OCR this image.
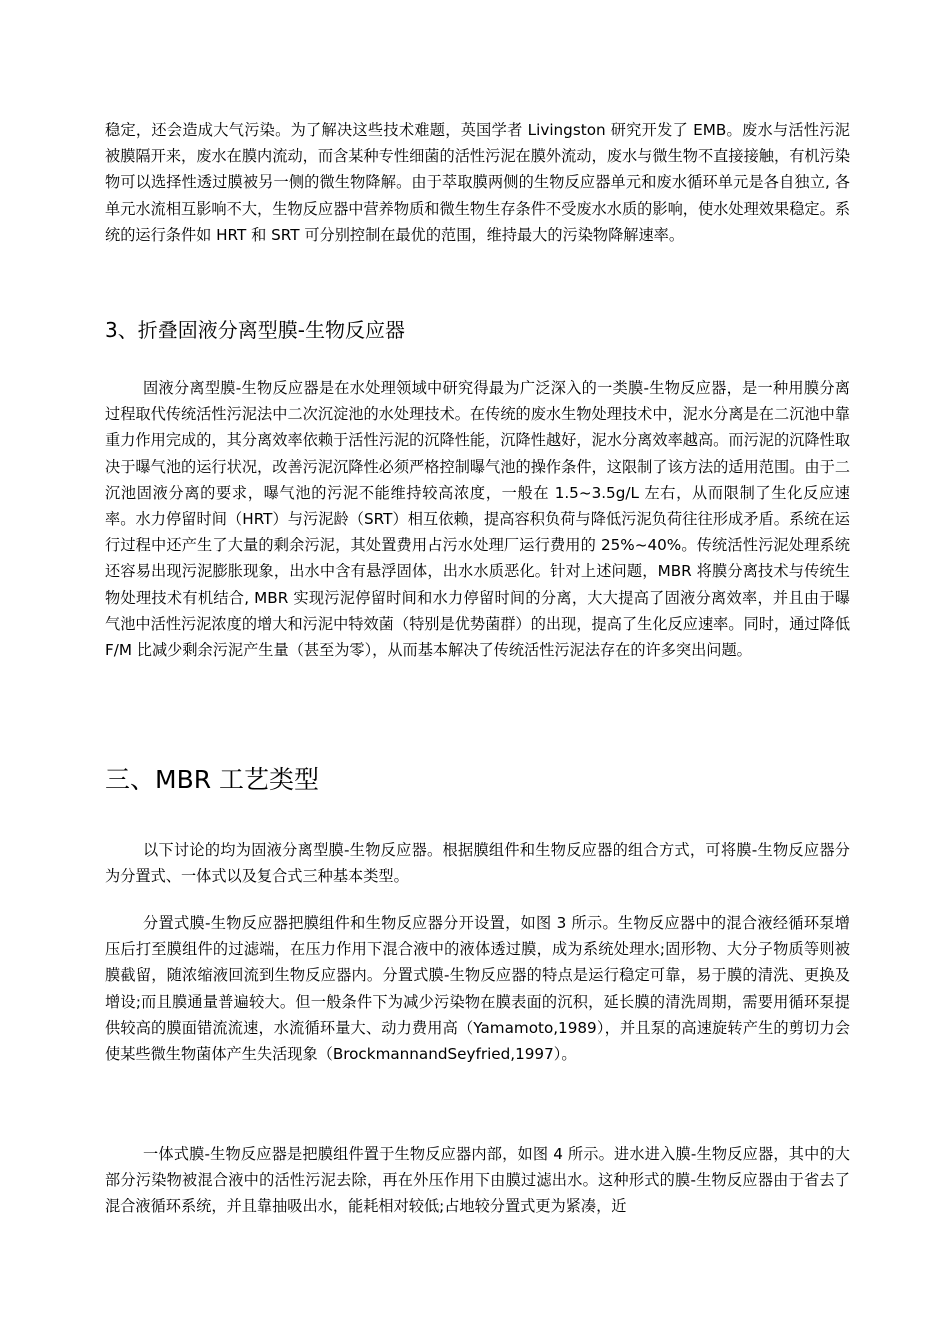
稳定，还会造成大气污染。为了解决这些技术难题，英国学者 Livingston 研究开发了 EMB。废水与活性污泥被膜隔开来，废水在膜内流动，而含某种专性细菌的活性污泥在膜外流动，废水与微生物不直接接触，有机污染物可以选择性透过膜被另一侧的微生物降解。由于萃取膜两侧的生物反应器单元和废水循环单元是各自独立, 各单元水流相互影响不大，生物反应器中营养物质和微生物生存条件不受废水水质的影响，使水处理效果稳定。系统的运行条件如 HRT 和 SRT 可分别控制在最优的范围，维持最大的污染物降解速率。

3、折叠固液分离型膜-生物反应器

固液分离型膜-生物反应器是在水处理领域中研究得最为广泛深入的一类膜-生物反应器，是一种用膜分离过程取代传统活性污泥法中二次沉淀池的水处理技术。在传统的废水生物处理技术中，泥水分离是在二沉池中靠重力作用完成的，其分离效率依赖于活性污泥的沉降性能，沉降性越好，泥水分离效率越高。而污泥的沉降性取决于曝气池的运行状况，改善污泥沉降性必须严格控制曝气池的操作条件，这限制了该方法的适用范围。由于二沉池固液分离的要求，曝气池的污泥不能维持较高浓度，一般在 1.5~3.5g/L 左右，从而限制了生化反应速率。水力停留时间（HRT）与污泥龄（SRT）相互依赖，提高容积负荷与降低污泥负荷往往形成矛盾。系统在运行过程中还产生了大量的剩余污泥，其处置费用占污水处理厂运行费用的 25%~40%。传统活性污泥处理系统还容易出现污泥膨胀现象，出水中含有悬浮固体，出水水质恶化。针对上述问题，MBR 将膜分离技术与传统生物处理技术有机结合, MBR 实现污泥停留时间和水力停留时间的分离，大大提高了固液分离效率，并且由于曝气池中活性污泥浓度的增大和污泥中特效菌（特别是优势菌群）的出现，提高了生化反应速率。同时，通过降低 F/M 比减少剩余污泥产生量（甚至为零），从而基本解决了传统活性污泥法存在的许多突出问题。

三、MBR 工艺类型

以下讨论的均为固液分离型膜-生物反应器。根据膜组件和生物反应器的组合方式，可将膜-生物反应器分为分置式、一体式以及复合式三种基本类型。

分置式膜-生物反应器把膜组件和生物反应器分开设置，如图 3 所示。生物反应器中的混合液经循环泵增压后打至膜组件的过滤端，在压力作用下混合液中的液体透过膜，成为系统处理水;固形物、大分子物质等则被膜截留，随浓缩液回流到生物反应器内。分置式膜-生物反应器的特点是运行稳定可靠，易于膜的清洗、更换及增设;而且膜通量普遍较大。但一般条件下为减少污染物在膜表面的沉积，延长膜的清洗周期，需要用循环泵提供较高的膜面错流流速，水流循环量大、动力费用高（Yamamoto,1989），并且泵的高速旋转产生的剪切力会使某些微生物菌体产生失活现象（BrockmannandSeyfried,1997）。

一体式膜-生物反应器是把膜组件置于生物反应器内部，如图 4 所示。进水进入膜-生物反应器，其中的大部分污染物被混合液中的活性污泥去除，再在外压作用下由膜过滤出水。这种形式的膜-生物反应器由于省去了混合液循环系统，并且靠抽吸出水，能耗相对较低;占地较分置式更为紧凑，近
